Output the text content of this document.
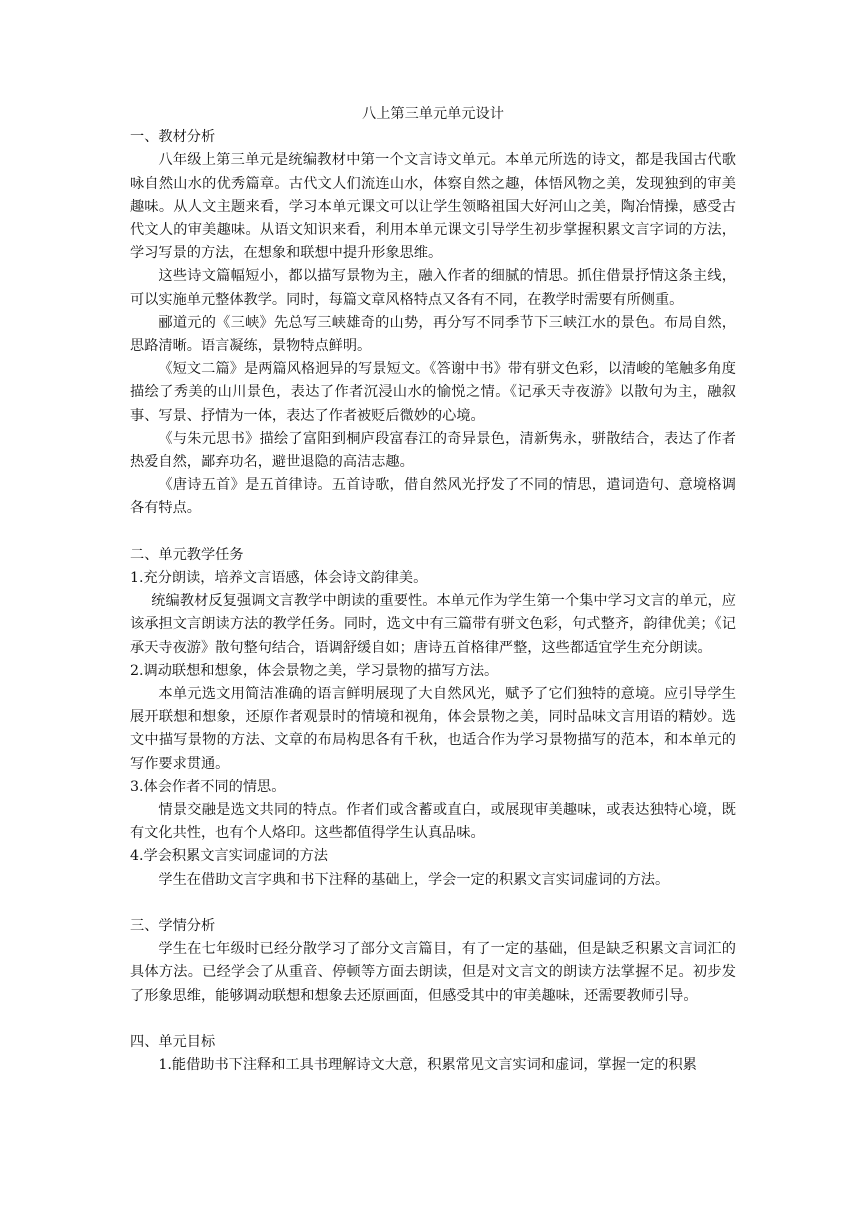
八上第三单元单元设计

一、教材分析

八年级上第三单元是统编教材中第一个文言诗文单元。本单元所选的诗文，都是我国古代歌咏自然山水的优秀篇章。古代文人们流连山水，体察自然之趣，体悟风物之美，发现独到的审美趣味。从人文主题来看，学习本单元课文可以让学生领略祖国大好河山之美，陶冶情操，感受古代文人的审美趣味。从语文知识来看，利用本单元课文引导学生初步掌握积累文言字词的方法，学习写景的方法，在想象和联想中提升形象思维。

这些诗文篇幅短小，都以描写景物为主，融入作者的细腻的情思。抓住借景抒情这条主线，可以实施单元整体教学。同时，每篇文章风格特点又各有不同，在教学时需要有所侧重。

郦道元的《三峡》先总写三峡雄奇的山势，再分写不同季节下三峡江水的景色。布局自然，思路清晰。语言凝练，景物特点鲜明。

《短文二篇》是两篇风格迥异的写景短文。《答谢中书》带有骈文色彩，以清峻的笔触多角度描绘了秀美的山川景色，表达了作者沉浸山水的愉悦之情。《记承天寺夜游》以散句为主，融叙事、写景、抒情为一体，表达了作者被贬后微妙的心境。

《与朱元思书》描绘了富阳到桐庐段富春江的奇异景色，清新隽永，骈散结合，表达了作者热爱自然，鄙弃功名，避世退隐的高洁志趣。

《唐诗五首》是五首律诗。五首诗歌，借自然风光抒发了不同的情思，遣词造句、意境格调各有特点。

二、单元教学任务

1.充分朗读，培养文言语感，体会诗文韵律美。

统编教材反复强调文言教学中朗读的重要性。本单元作为学生第一个集中学习文言的单元，应该承担文言朗读方法的教学任务。同时，选文中有三篇带有骈文色彩，句式整齐，韵律优美；《记承天寺夜游》散句整句结合，语调舒缓自如；唐诗五首格律严整，这些都适宜学生充分朗读。

2.调动联想和想象，体会景物之美，学习景物的描写方法。

本单元选文用简洁准确的语言鲜明展现了大自然风光，赋予了它们独特的意境。应引导学生展开联想和想象，还原作者观景时的情境和视角，体会景物之美，同时品味文言用语的精妙。选文中描写景物的方法、文章的布局构思各有千秋，也适合作为学习景物描写的范本，和本单元的写作要求贯通。

3.体会作者不同的情思。

情景交融是选文共同的特点。作者们或含蓄或直白，或展现审美趣味，或表达独特心境，既有文化共性，也有个人烙印。这些都值得学生认真品味。

4.学会积累文言实词虚词的方法

学生在借助文言字典和书下注释的基础上，学会一定的积累文言实词虚词的方法。

三、学情分析

学生在七年级时已经分散学习了部分文言篇目，有了一定的基础，但是缺乏积累文言词汇的具体方法。已经学会了从重音、停顿等方面去朗读，但是对文言文的朗读方法掌握不足。初步发了形象思维，能够调动联想和想象去还原画面，但感受其中的审美趣味，还需要教师引导。

四、单元目标

1.能借助书下注释和工具书理解诗文大意，积累常见文言实词和虚词，掌握一定的积累
